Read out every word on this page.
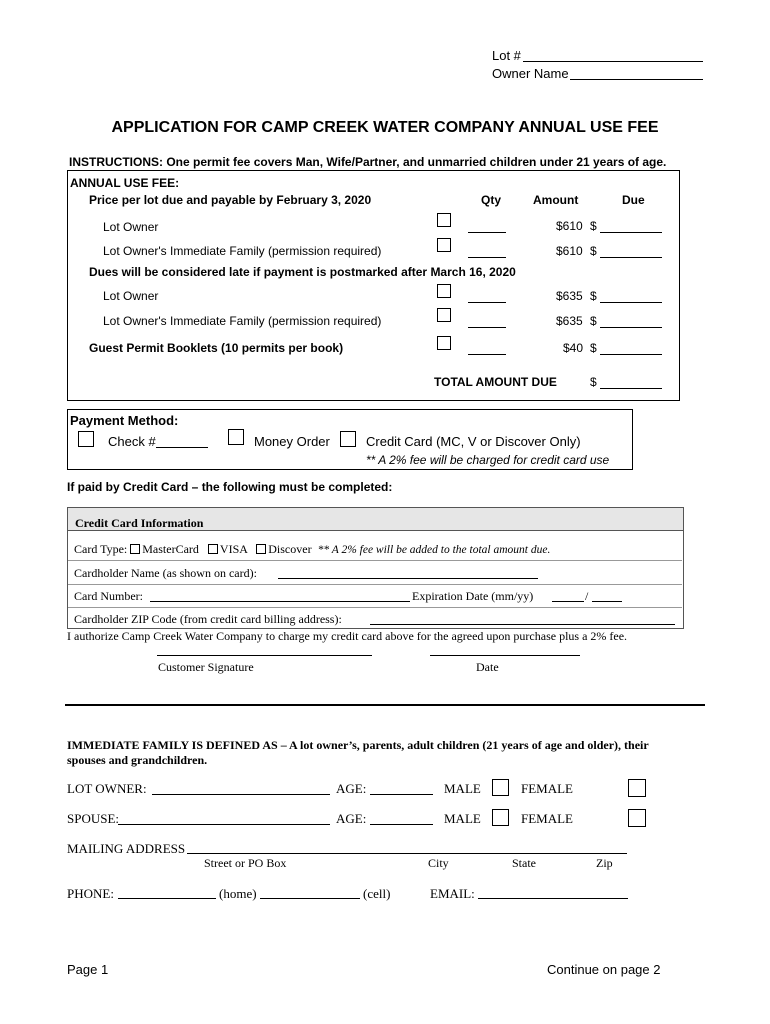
Lot #
Owner Name
APPLICATION FOR CAMP CREEK WATER COMPANY ANNUAL USE FEE
INSTRUCTIONS: One permit fee covers Man, Wife/Partner, and unmarried children under 21 years of age.
ANNUAL USE FEE:
Price per lot due and payable by February 3, 2020	Qty	Amount	Due
Lot Owner	$610 $
Lot Owner's Immediate Family (permission required)	$610 $
Dues will be considered late if payment is postmarked after March 16, 2020
Lot Owner	$635 $
Lot Owner's Immediate Family (permission required)	$635 $
Guest Permit Booklets (10 permits per book)	$40 $
TOTAL AMOUNT DUE	$
Payment Method:
Check #	Money Order	Credit Card (MC, V or Discover Only)
** A 2% fee will be charged for credit card use
If paid by Credit Card – the following must be completed:
Credit Card Information
Card Type: MasterCard VISA Discover ** A 2% fee will be added to the total amount due.
Cardholder Name (as shown on card):
Card Number:	Expiration Date (mm/yy)	/
Cardholder ZIP Code (from credit card billing address):
I authorize Camp Creek Water Company to charge my credit card above for the agreed upon purchase plus a 2% fee.
Customer Signature	Date
IMMEDIATE FAMILY IS DEFINED AS – A lot owner’s, parents, adult children (21 years of age and older), their
spouses and grandchildren.
LOT OWNER:	AGE:	MALE	FEMALE
SPOUSE:	AGE:	MALE	FEMALE
MAILING ADDRESS
Street or PO Box	City	State	Zip
PHONE:	(home)	(cell)	EMAIL:
Page 1	Continue on page 2
